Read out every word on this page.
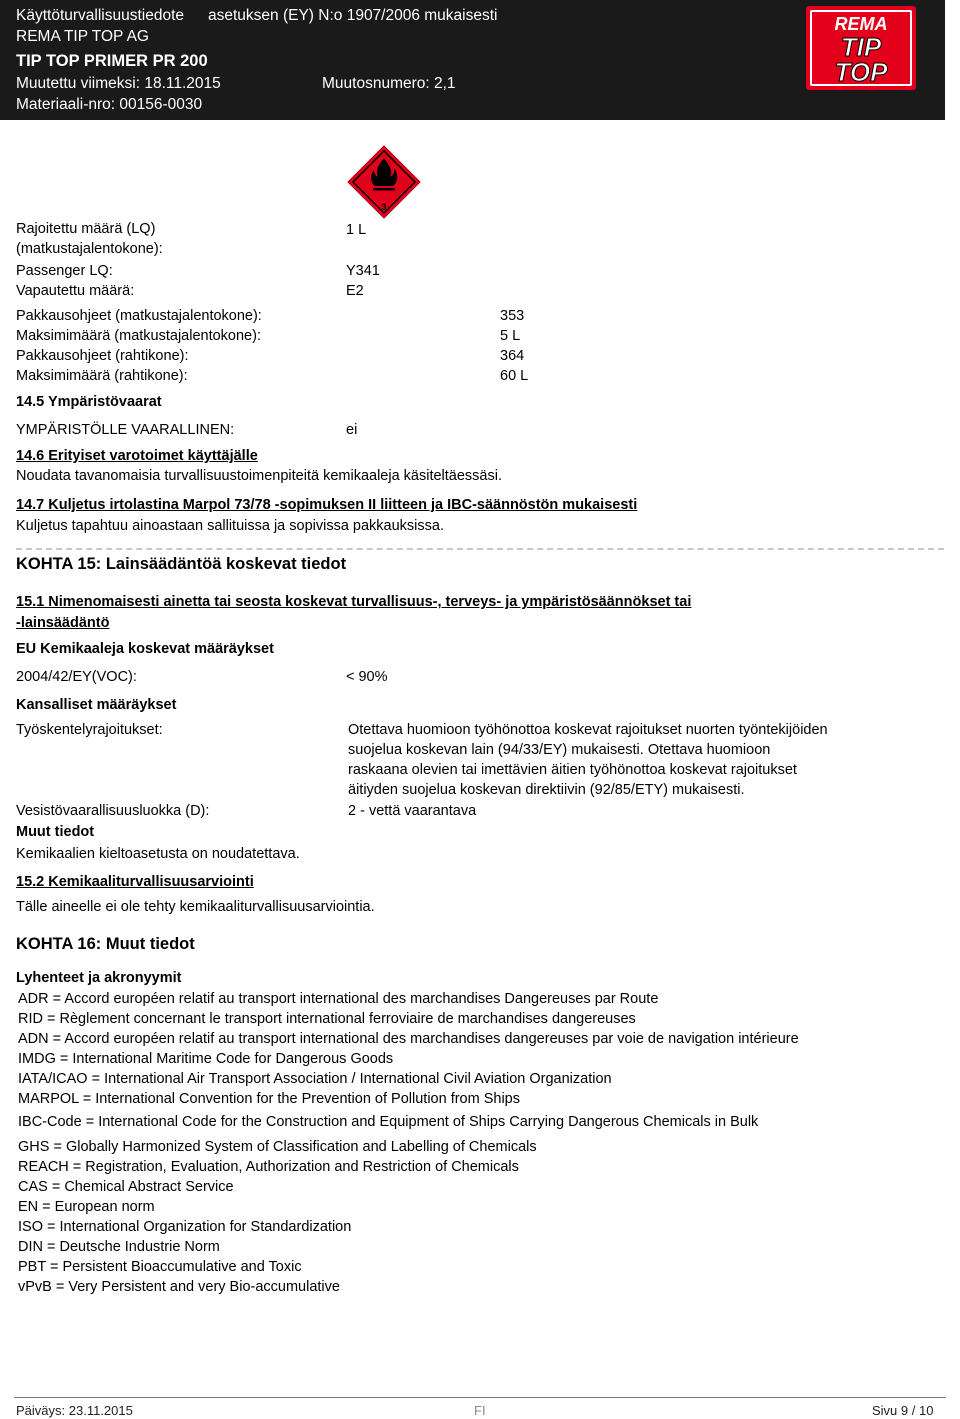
Käyttöturvallisuustiedote asetuksen (EY) N:o 1907/2006 mukaisesti
REMA TIP TOP AG
TIP TOP PRIMER PR 200
Muutettu viimeksi: 18.11.2015	Muutosnumero: 2,1
Materiaali-nro: 00156-0030
REMA
TIP
TOP
3
Rajoitettu määrä (LQ)
(matkustajalentokone):
1 L
Passenger LQ:	Y341
Vapautettu määrä:	E2
Pakkausohjeet (matkustajalentokone):	353
Maksimimäärä (matkustajalentokone):	5 L
Pakkausohjeet (rahtikone):	364
Maksimimäärä (rahtikone):	60 L
14.5 Ympäristövaarat
YMPÄRISTÖLLE VAARALLINEN:	ei
14.6 Erityiset varotoimet käyttäjälle
Noudata tavanomaisia turvallisuustoimenpiteitä kemikaaleja käsiteltäessäsi.
14.7 Kuljetus irtolastina Marpol 73/78 -sopimuksen II liitteen ja IBC-säännöstön mukaisesti
Kuljetus tapahtuu ainoastaan sallituissa ja sopivissa pakkauksissa.
KOHTA 15: Lainsäädäntöä koskevat tiedot
15.1 Nimenomaisesti ainetta tai seosta koskevat turvallisuus-, terveys- ja ympäristösäännökset tai
-lainsäädäntö
EU Kemikaaleja koskevat määräykset
2004/42/EY(VOC):	< 90%
Kansalliset määräykset
Työskentelyrajoitukset:	Otettava huomioon työhönottoa koskevat rajoitukset nuorten työntekijöiden
suojelua koskevan lain (94/33/EY) mukaisesti. Otettava huomioon
raskaana olevien tai imettävien äitien työhönottoa koskevat rajoitukset
äitiyden suojelua koskevan direktiivin (92/85/ETY) mukaisesti.
Vesistövaarallisuusluokka (D):	2 - vettä vaarantava
Muut tiedot
Kemikaalien kieltoasetusta on noudatettava.
15.2 Kemikaaliturvallisuusarviointi
Tälle aineelle ei ole tehty kemikaaliturvallisuusarviointia.
KOHTA 16: Muut tiedot
Lyhenteet ja akronyymit
ADR = Accord européen relatif au transport international des marchandises Dangereuses par Route
RID = Règlement concernant le transport international ferroviaire de marchandises dangereuses
ADN = Accord européen relatif au transport international des marchandises dangereuses par voie de navigation intérieure
IMDG = International Maritime Code for Dangerous Goods
IATA/ICAO = International Air Transport Association / International Civil Aviation Organization
MARPOL = International Convention for the Prevention of Pollution from Ships
IBC-Code = International Code for the Construction and Equipment of Ships Carrying Dangerous Chemicals in Bulk
GHS = Globally Harmonized System of Classification and Labelling of Chemicals
REACH = Registration, Evaluation, Authorization and Restriction of Chemicals
CAS = Chemical Abstract Service
EN = European norm
ISO = International Organization for Standardization
DIN = Deutsche Industrie Norm
PBT = Persistent Bioaccumulative and Toxic
vPvB = Very Persistent and very Bio-accumulative
Päiväys: 23.11.2015	FI	Sivu 9 / 10
